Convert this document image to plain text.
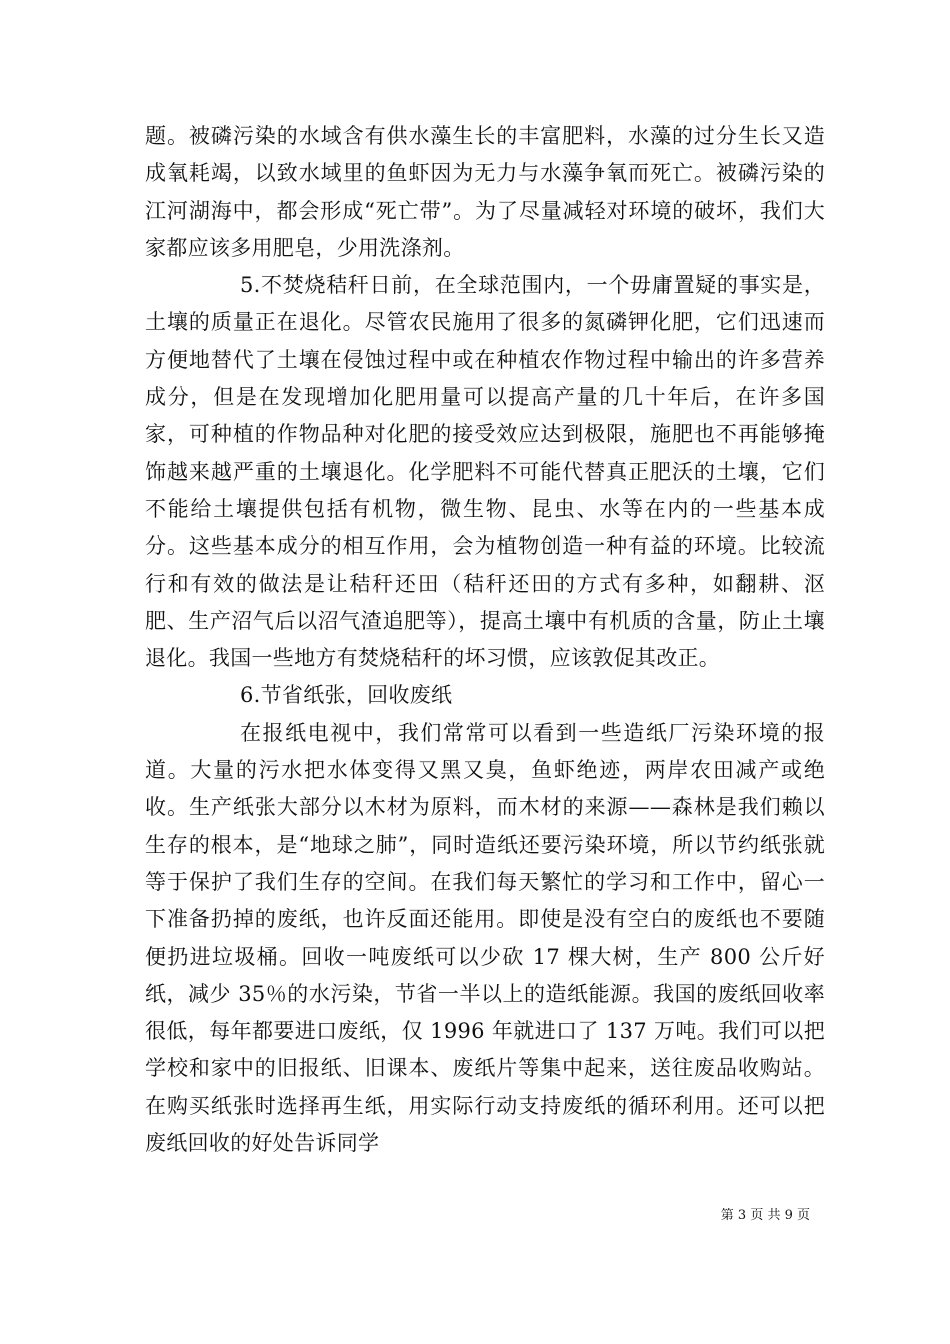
题。被磷污染的水域含有供水藻生长的丰富肥料，水藻的过分生长又造成氧耗竭，以致水域里的鱼虾因为无力与水藻争氧而死亡。被磷污染的江河湖海中，都会形成“死亡带”。为了尽量减轻对环境的破坏，我们大家都应该多用肥皂，少用洗涤剂。

5.不焚烧秸秆日前，在全球范围内，一个毋庸置疑的事实是，土壤的质量正在退化。尽管农民施用了很多的氮磷钾化肥，它们迅速而方便地替代了土壤在侵蚀过程中或在种植农作物过程中输出的许多营养成分，但是在发现增加化肥用量可以提高产量的几十年后，在许多国家，可种植的作物品种对化肥的接受效应达到极限，施肥也不再能够掩饰越来越严重的土壤退化。化学肥料不可能代替真正肥沃的土壤，它们不能给土壤提供包括有机物，微生物、昆虫、水等在内的一些基本成分。这些基本成分的相互作用，会为植物创造一种有益的环境。比较流行和有效的做法是让秸秆还田（秸秆还田的方式有多种，如翻耕、沤肥、生产沼气后以沼气渣追肥等），提高土壤中有机质的含量，防止土壤退化。我国一些地方有焚烧秸秆的坏习惯，应该敦促其改正。

6.节省纸张，回收废纸

在报纸电视中，我们常常可以看到一些造纸厂污染环境的报道。大量的污水把水体变得又黑又臭，鱼虾绝迹，两岸农田减产或绝收。生产纸张大部分以木材为原料，而木材的来源——森林是我们赖以生存的根本，是“地球之肺”，同时造纸还要污染环境，所以节约纸张就等于保护了我们生存的空间。在我们每天繁忙的学习和工作中，留心一下准备扔掉的废纸，也许反面还能用。即使是没有空白的废纸也不要随便扔进垃圾桶。回收一吨废纸可以少砍 17 棵大树，生产 800 公斤好纸，减少 35％的水污染，节省一半以上的造纸能源。我国的废纸回收率很低，每年都要进口废纸，仅 1996 年就进口了 137 万吨。我们可以把学校和家中的旧报纸、旧课本、废纸片等集中起来，送往废品收购站。在购买纸张时选择再生纸，用实际行动支持废纸的循环利用。还可以把废纸回收的好处告诉同学

第 3 页 共 9 页
